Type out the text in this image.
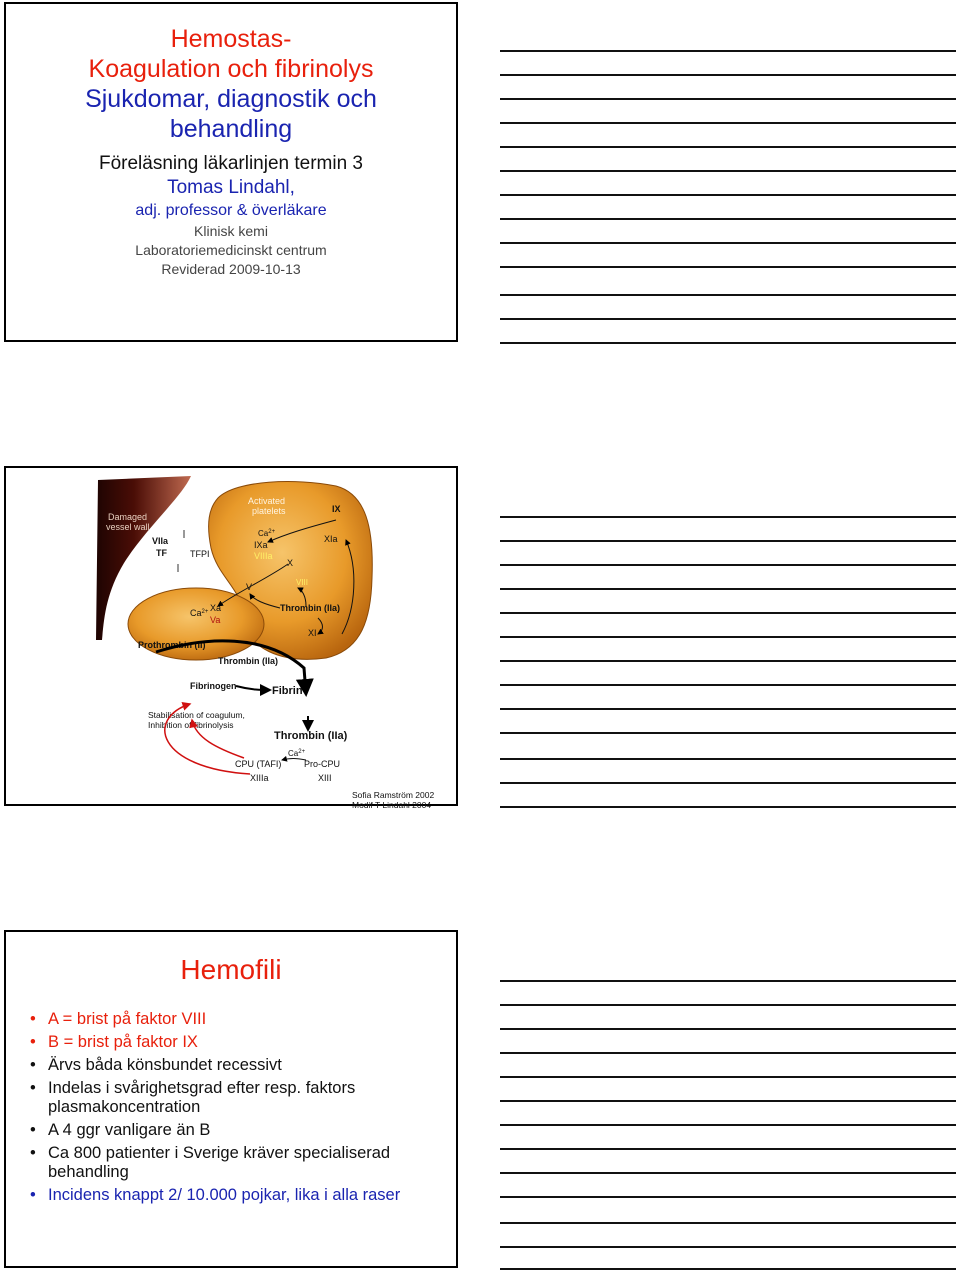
Hemostas-
Koagulation och fibrinolys
Sjukdomar, diagnostik och
behandling
Föreläsning läkarlinjen termin 3
Tomas Lindahl,
adj. professor & överläkare
Klinisk kemi
Laboratoriemedicinskt centrum
Reviderad 2009-10-13
Damaged
vessel wall
VIIa
TF	TFPI
Activated
platelets
$Ca^{2+}$
IXa
VIIIa
X
IX
XIa
V	VIII
$Ca^{2+}$ Xa
Va
Thrombin (IIa)
XI
Prothrombin (II)
Thrombin (IIa)
Fibrinogen	Fibrin
Stabilisation of coagulum,
Inhibition of fibrinolysis
Thrombin (IIa)
$Ca^{2+}$
CPU (TAFI)	Pro-CPU
XIIIa	XIII
Sofia Ramström 2002
Modif T Lindahl 2004
Hemofili
• A = brist på faktor VIII
• B = brist på faktor IX
• Ärvs båda könsbundet recessivt
• Indelas i svårighetsgrad efter resp. faktors plasmakoncentration
• A 4 ggr vanligare än B
• Ca 800 patienter i Sverige kräver specialiserad behandling
• Incidens knappt 2/ 10.000 pojkar, lika i alla raser
